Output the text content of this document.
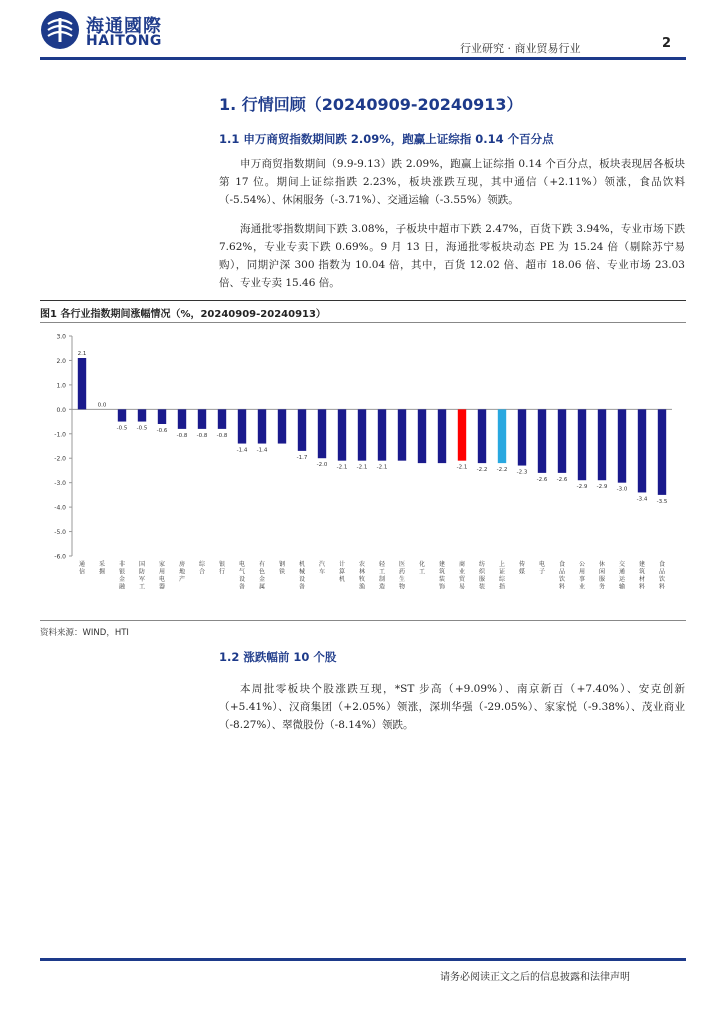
海通國際
HAITONG	行业研究 · 商业贸易行业	2
1. 行情回顾（20240909-20240913）
1.1 申万商贸指数期间跌 2.09%，跑赢上证综指 0.14 个百分点
申万商贸指数期间（9.9-9.13）跌 2.09%，跑赢上证综指 0.14 个百分点，板块表现居各板块第 17 位。期间上证综指跌 2.23%，板块涨跌互现，其中通信（+2.11%）领涨，食品饮料（-5.54%）、休闲服务（-3.71%）、交通运输（-3.55%）领跌。
海通批零指数期间下跌 3.08%，子板块中超市下跌 2.47%，百货下跌 3.94%，专业市场下跌 7.62%，专业专卖下跌 0.69%。9 月 13 日，海通批零板块动态 PE 为 15.24 倍（剔除苏宁易购），同期沪深 300 指数为 10.04 倍，其中，百货 12.02 倍、超市 18.06 倍、专业市场 23.03 倍、专业专卖 15.46 倍。
图1 各行业指数期间涨幅情况（%，20240909-20240913）
3.0
2.0
1.0
0.0
-1.0
-2.0
-3.0
-4.0
-5.0
-6.0
2.1
通信
0.0
采掘
-0.5
非银金融
-0.5
国防军工
-0.6
家用电器
-0.8
房地产
-0.8
综合
-0.8
银行
-1.4
电气设备
-1.4
有色金属
钢铁
-1.7
机械设备
-2.0
汽车
-2.1
计算机
-2.1
农林牧渔
-2.1
轻工制造
医药生物
化工
建筑装饰
-2.1
商业贸易
-2.2
纺织服装
-2.2
上证综指
-2.3
传媒
-2.6
电子
-2.6
食品饮料
-2.9
公用事业
-2.9
休闲服务
-3.0
交通运输
-3.4
建筑材料
-3.5
食品饮料
资料来源：WIND，HTI
1.2 涨跌幅前 10 个股
本周批零板块个股涨跌互现，*ST 步高（+9.09%）、南京新百（+7.40%）、安克创新（+5.41%）、汉商集团（+2.05%）领涨，深圳华强（-29.05%）、家家悦（-9.38%）、茂业商业（-8.27%）、翠微股份（-8.14%）领跌。
请务必阅读正文之后的信息披露和法律声明
